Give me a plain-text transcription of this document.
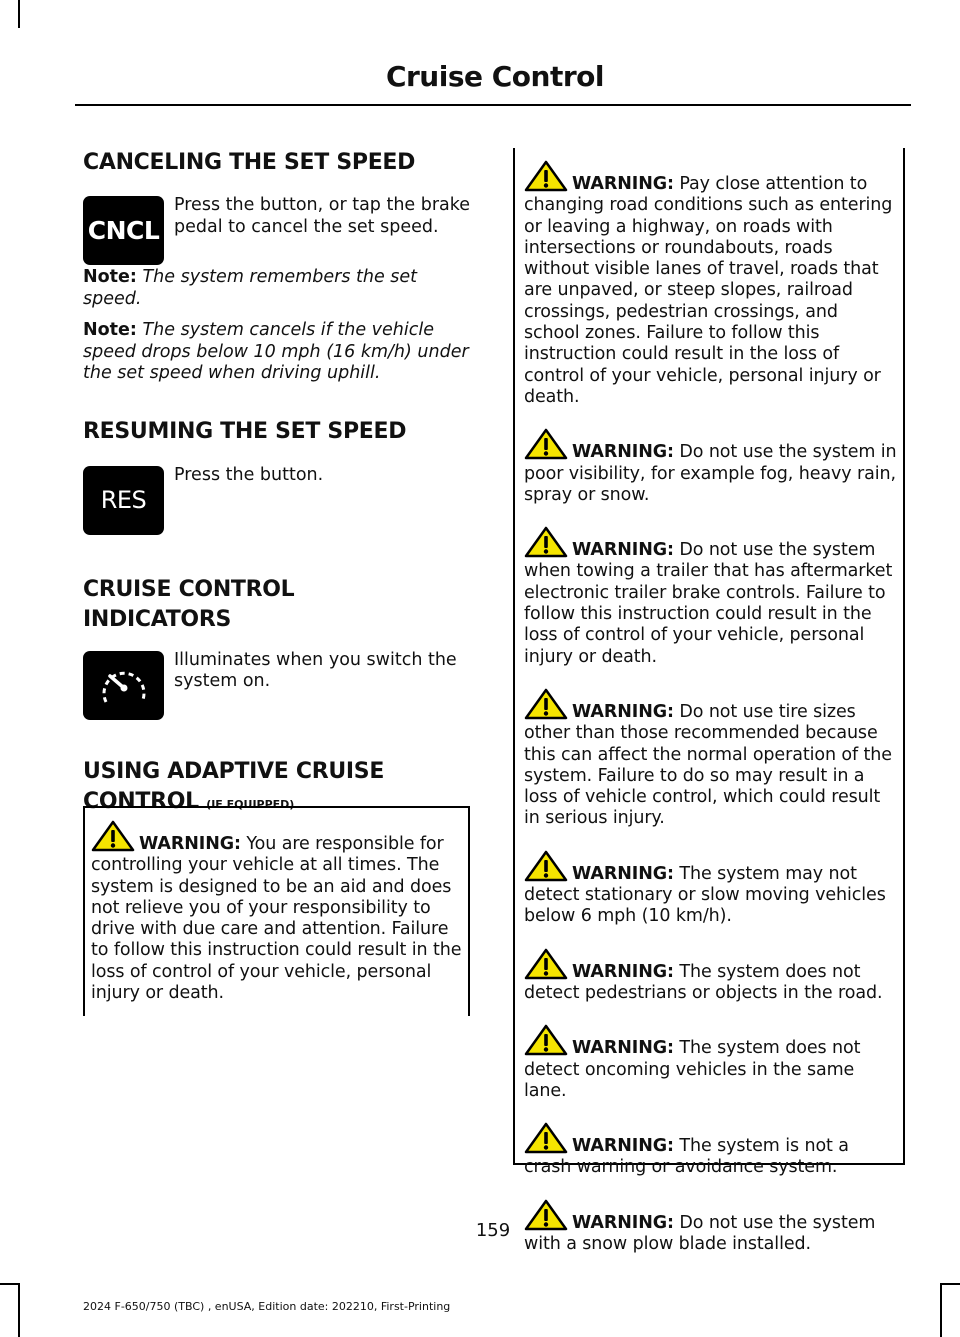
Cruise Control
CANCELING THE SET SPEED
CNCL
Press the button, or tap the brake pedal to cancel the set speed.

Note: The system remembers the set speed.

Note: The system cancels if the vehicle speed drops below 10 mph (16 km/h) under the set speed when driving uphill.

RESUMING THE SET SPEED
RES
Press the button.
CRUISE CONTROL
INDICATORS
Illuminates when you switch the system on.
USING ADAPTIVE CRUISE
CONTROL (IF EQUIPPED)

WARNING: You are responsible for controlling your vehicle at all times. The system is designed to be an aid and does not relieve you of your responsibility to drive with due care and attention. Failure to follow this instruction could result in the loss of control of your vehicle, personal injury or death.

WARNING: Pay close attention to changing road conditions such as entering or leaving a highway, on roads with intersections or roundabouts, roads without visible lanes of travel, roads that are unpaved, or steep slopes, railroad crossings, pedestrian crossings, and school zones. Failure to follow this instruction could result in the loss of control of your vehicle, personal injury or death.

WARNING: Do not use the system in poor visibility, for example fog, heavy rain, spray or snow.

WARNING: Do not use the system when towing a trailer that has aftermarket electronic trailer brake controls. Failure to follow this instruction could result in the loss of control of your vehicle, personal injury or death.

WARNING: Do not use tire sizes other than those recommended because this can affect the normal operation of the system. Failure to do so may result in a loss of vehicle control, which could result in serious injury.

WARNING: The system may not detect stationary or slow moving vehicles below 6 mph (10 km/h).

WARNING: The system does not detect pedestrians or objects in the road.

WARNING: The system does not detect oncoming vehicles in the same lane.

WARNING: The system is not a crash warning or avoidance system.

WARNING: Do not use the system with a snow plow blade installed.

159
2024 F-650/750 (TBC) , enUSA, Edition date: 202210, First-Printing
